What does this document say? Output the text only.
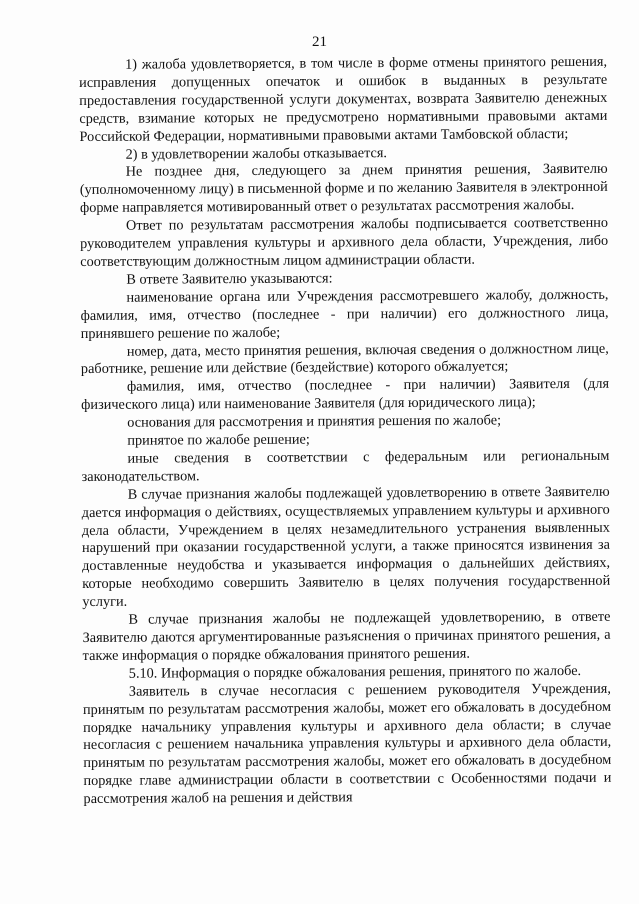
21

1) жалоба удовлетворяется, в том числе в форме отмены принятого решения, исправления допущенных опечаток и ошибок в выданных в результате предоставления государственной услуги документах, возврата Заявителю денежных средств, взимание которых не предусмотрено нормативными правовыми актами Российской Федерации, нормативными правовыми актами Тамбовской области;

2) в удовлетворении жалобы отказывается.

Не позднее дня, следующего за днем принятия решения, Заявителю (уполномоченному лицу) в письменной форме и по желанию Заявителя в электронной форме направляется мотивированный ответ о результатах рассмотрения жалобы.

Ответ по результатам рассмотрения жалобы подписывается соответственно руководителем управления культуры и архивного дела области, Учреждения, либо соответствующим должностным лицом администрации области.

В ответе Заявителю указываются:

наименование органа или Учреждения рассмотревшего жалобу, должность, фамилия, имя, отчество (последнее - при наличии) его должностного лица, принявшего решение по жалобе;

номер, дата, место принятия решения, включая сведения о должностном лице, работнике, решение или действие (бездействие) которого обжалуется;

фамилия, имя, отчество (последнее - при наличии) Заявителя (для физического лица) или наименование Заявителя (для юридического лица);

основания для рассмотрения и принятия решения по жалобе;

принятое по жалобе решение;

иные сведения в соответствии с федеральным или региональным законодательством.

В случае признания жалобы подлежащей удовлетворению в ответе Заявителю дается информация о действиях, осуществляемых управлением культуры и архивного дела области, Учреждением в целях незамедлительного устранения выявленных нарушений при оказании государственной услуги, а также приносятся извинения за доставленные неудобства и указывается информация о дальнейших действиях, которые необходимо совершить Заявителю в целях получения государственной услуги.

В случае признания жалобы не подлежащей удовлетворению, в ответе Заявителю даются аргументированные разъяснения о причинах принятого решения, а также информация о порядке обжалования принятого решения.

5.10. Информация о порядке обжалования решения, принятого по жалобе.

Заявитель в случае несогласия с решением руководителя Учреждения, принятым по результатам рассмотрения жалобы, может его обжаловать в досудебном порядке начальнику управления культуры и архивного дела области; в случае несогласия с решением начальника управления культуры и архивного дела области, принятым по результатам рассмотрения жалобы, может его обжаловать в досудебном порядке главе администрации области в соответствии с Особенностями подачи и рассмотрения жалоб на решения и действия
